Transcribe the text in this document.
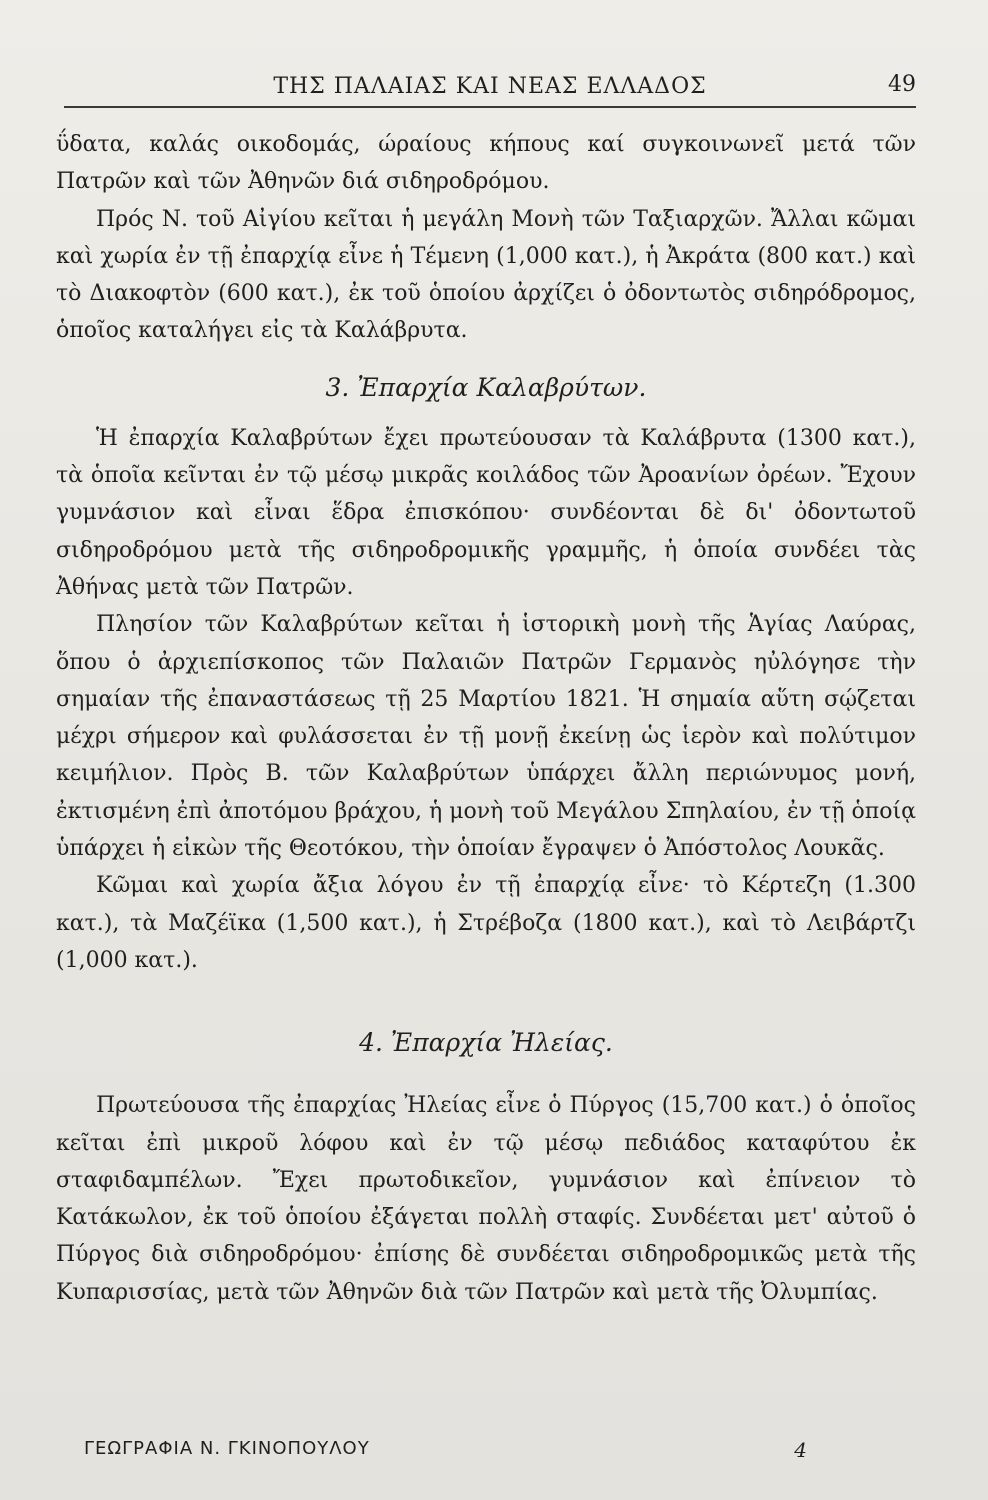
ΤΗΣ ΠΑΛΑΙΑΣ ΚΑΙ ΝΕΑΣ ΕΛΛΑΔΟΣ	49

ΰδατα, καλάς οικοδομάς, ώραίους κήπους καί συγκοινωνεῖ μετά τῶν Πατρῶν καὶ τῶν Ἀθηνῶν διά σιδηροδρόμου.

Πρός Ν. τοῦ Αἰγίου κεῖται ἡ μεγάλη Μονὴ τῶν Ταξιαρχῶν. Ἄλλαι κῶμαι καὶ χωρία ἐν τῇ ἐπαρχίᾳ εἶνε ἡ Τέμενη (1,000 κατ.), ἡ Ἀκράτα (800 κατ.) καὶ τὸ Διακοφτὸν (600 κατ.), ἐκ τοῦ ὁποίου ἀρχίζει ὁ ὀδοντωτὸς σιδηρόδρομος, ὁποῖος καταλήγει εἰς τὰ Καλάβρυτα.

3. Ἐπαρχία Καλαβρύτων.

Ἡ ἐπαρχία Καλαβρύτων ἔχει πρωτεύουσαν τὰ Καλάβρυτα (1300 κατ.), τὰ ὁποῖα κεῖνται ἐν τῷ μέσῳ μικρᾶς κοιλάδος τῶν Ἀροανίων ὀρέων. Ἔχουν γυμνάσιον καὶ εἶναι ἕδρα ἐπισκόπου· συνδέονται δὲ δι' ὀδοντωτοῦ σιδηροδρόμου μετὰ τῆς σιδηροδρομικῆς γραμμῆς, ἡ ὁποία συνδέει τὰς Ἀθήνας μετὰ τῶν Πατρῶν.

Πλησίον τῶν Καλαβρύτων κεῖται ἡ ἱστορικὴ μονὴ τῆς Ἁγίας Λαύρας, ὅπου ὁ ἀρχιεπίσκοπος τῶν Παλαιῶν Πατρῶν Γερμανὸς ηὐλόγησε τὴν σημαίαν τῆς ἐπαναστάσεως τῇ 25 Μαρτίου 1821. Ἡ σημαία αὕτη σῴζεται μέχρι σήμερον καὶ φυλάσσεται ἐν τῇ μονῇ ἐκείνῃ ὡς ἱερὸν καὶ πολύτιμον κειμήλιον. Πρὸς Β. τῶν Καλαβρύτων ὑπάρχει ἄλλη περιώνυμος μονή, ἐκτισμένη ἐπὶ ἀποτόμου βράχου, ἡ μονὴ τοῦ Μεγάλου Σπηλαίου, ἐν τῇ ὁποίᾳ ὑπάρχει ἡ εἰκὼν τῆς Θεοτόκου, τὴν ὁποίαν ἔγραψεν ὁ Ἀπόστολος Λουκᾶς.

Κῶμαι καὶ χωρία ἄξια λόγου ἐν τῇ ἐπαρχίᾳ εἶνε· τὸ Κέρτεζη (1.300 κατ.), τὰ Μαζέϊκα (1,500 κατ.), ἡ Στρέβοζα (1800 κατ.), καὶ τὸ Λειβάρτζι (1,000 κατ.).

4. Ἐπαρχία Ἠλείας.

Πρωτεύουσα τῆς ἐπαρχίας Ἠλείας εἶνε ὁ Πύργος (15,700 κατ.) ὁ ὁποῖος κεῖται ἐπὶ μικροῦ λόφου καὶ ἐν τῷ μέσῳ πεδιάδος καταφύτου ἐκ σταφιδαμπέλων. Ἔχει πρωτοδικεῖον, γυμνάσιον καὶ ἐπίνειον τὸ Κατάκωλον, ἐκ τοῦ ὁποίου ἐξάγεται πολλὴ σταφίς. Συνδέεται μετ' αὐτοῦ ὁ Πύργος διὰ σιδηροδρόμου· ἐπίσης δὲ συνδέεται σιδηροδρομικῶς μετὰ τῆς Κυπαρισσίας, μετὰ τῶν Ἀθηνῶν διὰ τῶν Πατρῶν καὶ μετὰ τῆς Ὀλυμπίας.

ΓΕΩΓΡΑΦΙΑ Ν. ΓΚΙΝΟΠΟΥΛΟΥ	4
